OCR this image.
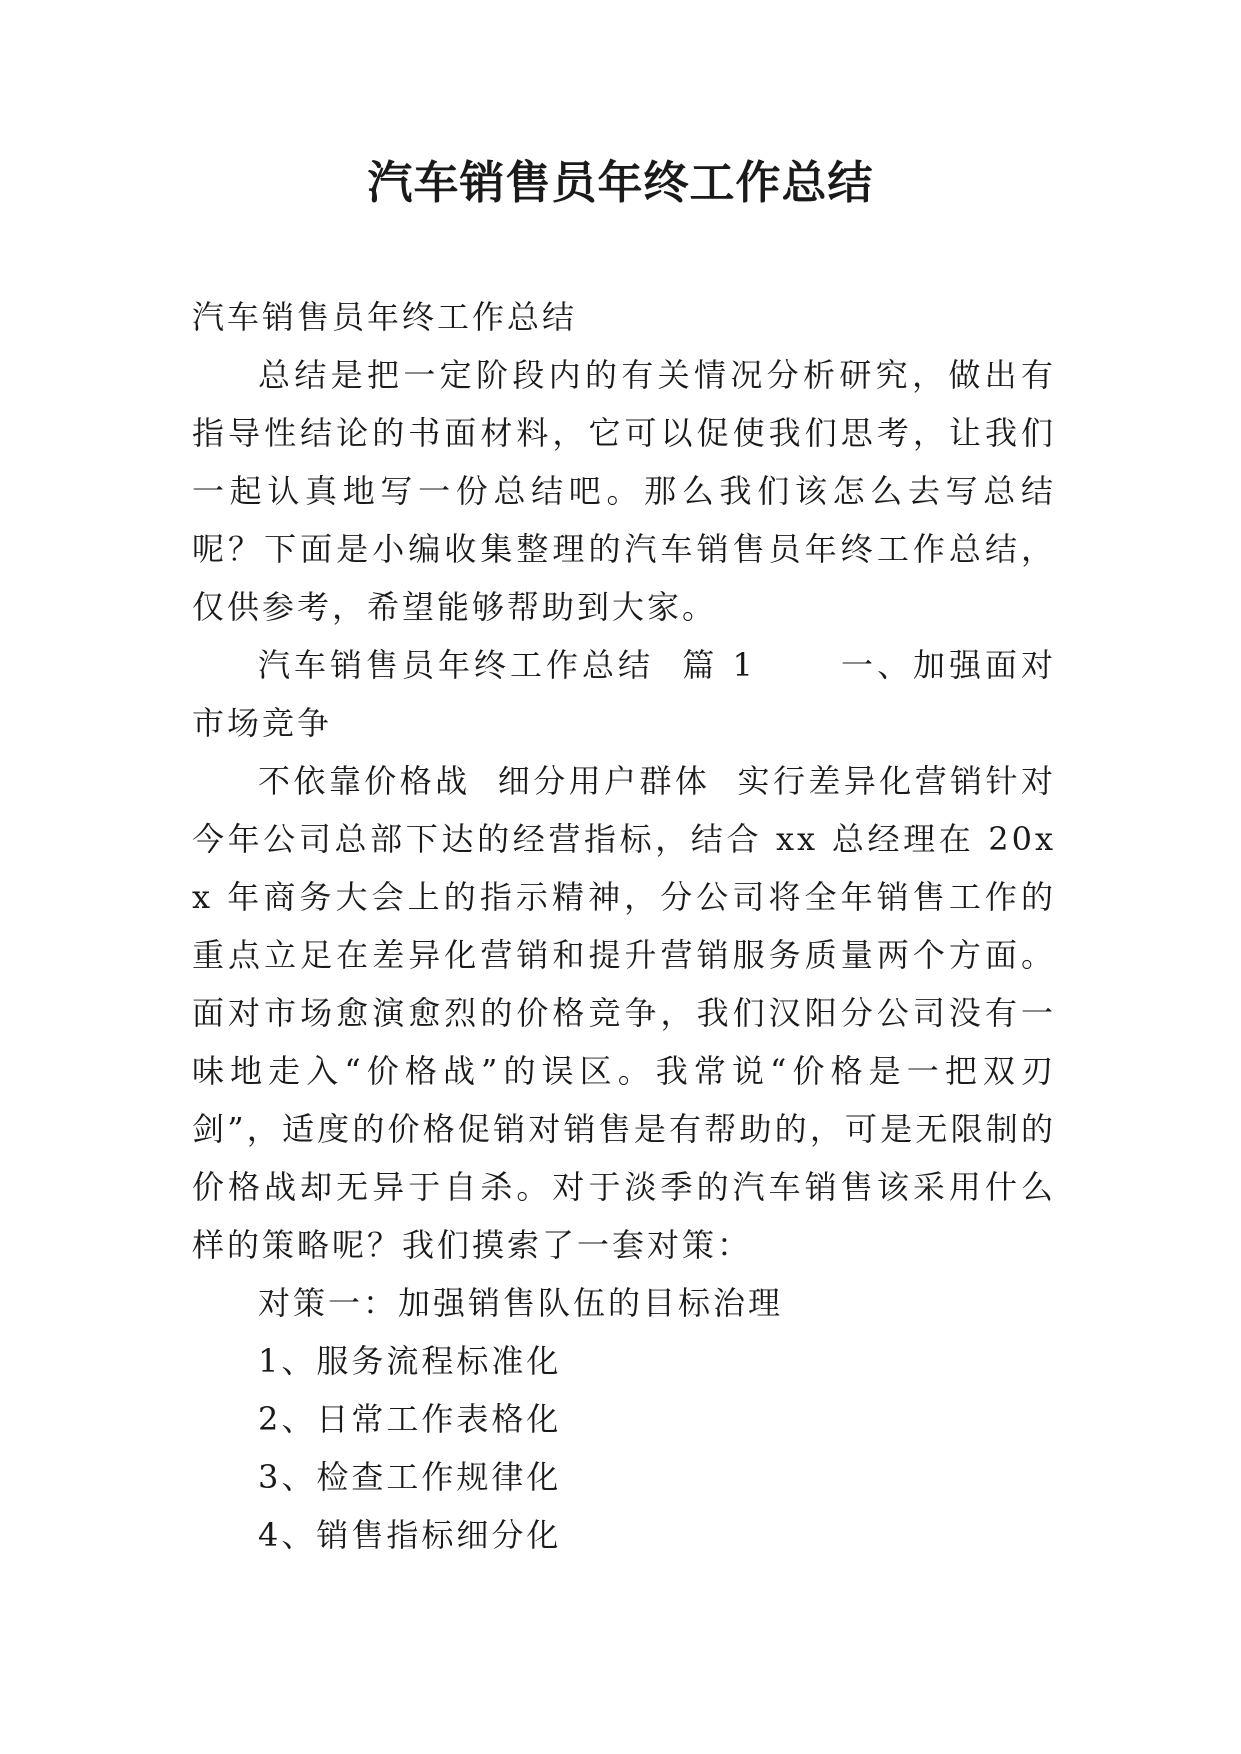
汽车销售员年终工作总结

汽车销售员年终工作总结

总结是把一定阶段内的有关情况分析研究，做出有指导性结论的书面材料，它可以促使我们思考，让我们一起认真地写一份总结吧。那么我们该怎么去写总结呢？下面是小编收集整理的汽车销售员年终工作总结，仅供参考，希望能够帮助到大家。

汽车销售员年终工作总结  篇 1      一、加强面对市场竞争

不依靠价格战  细分用户群体  实行差异化营销针对今年公司总部下达的经营指标，结合 xx 总经理在 20xx 年商务大会上的指示精神，分公司将全年销售工作的重点立足在差异化营销和提升营销服务质量两个方面。面对市场愈演愈烈的价格竞争，我们汉阳分公司没有一味地走入“价格战”的误区。我常说“价格是一把双刃剑”，适度的价格促销对销售是有帮助的，可是无限制的价格战却无异于自杀。对于淡季的汽车销售该采用什么样的策略呢？我们摸索了一套对策：

对策一：加强销售队伍的目标治理

1、服务流程标准化

2、日常工作表格化

3、检查工作规律化

4、销售指标细分化
